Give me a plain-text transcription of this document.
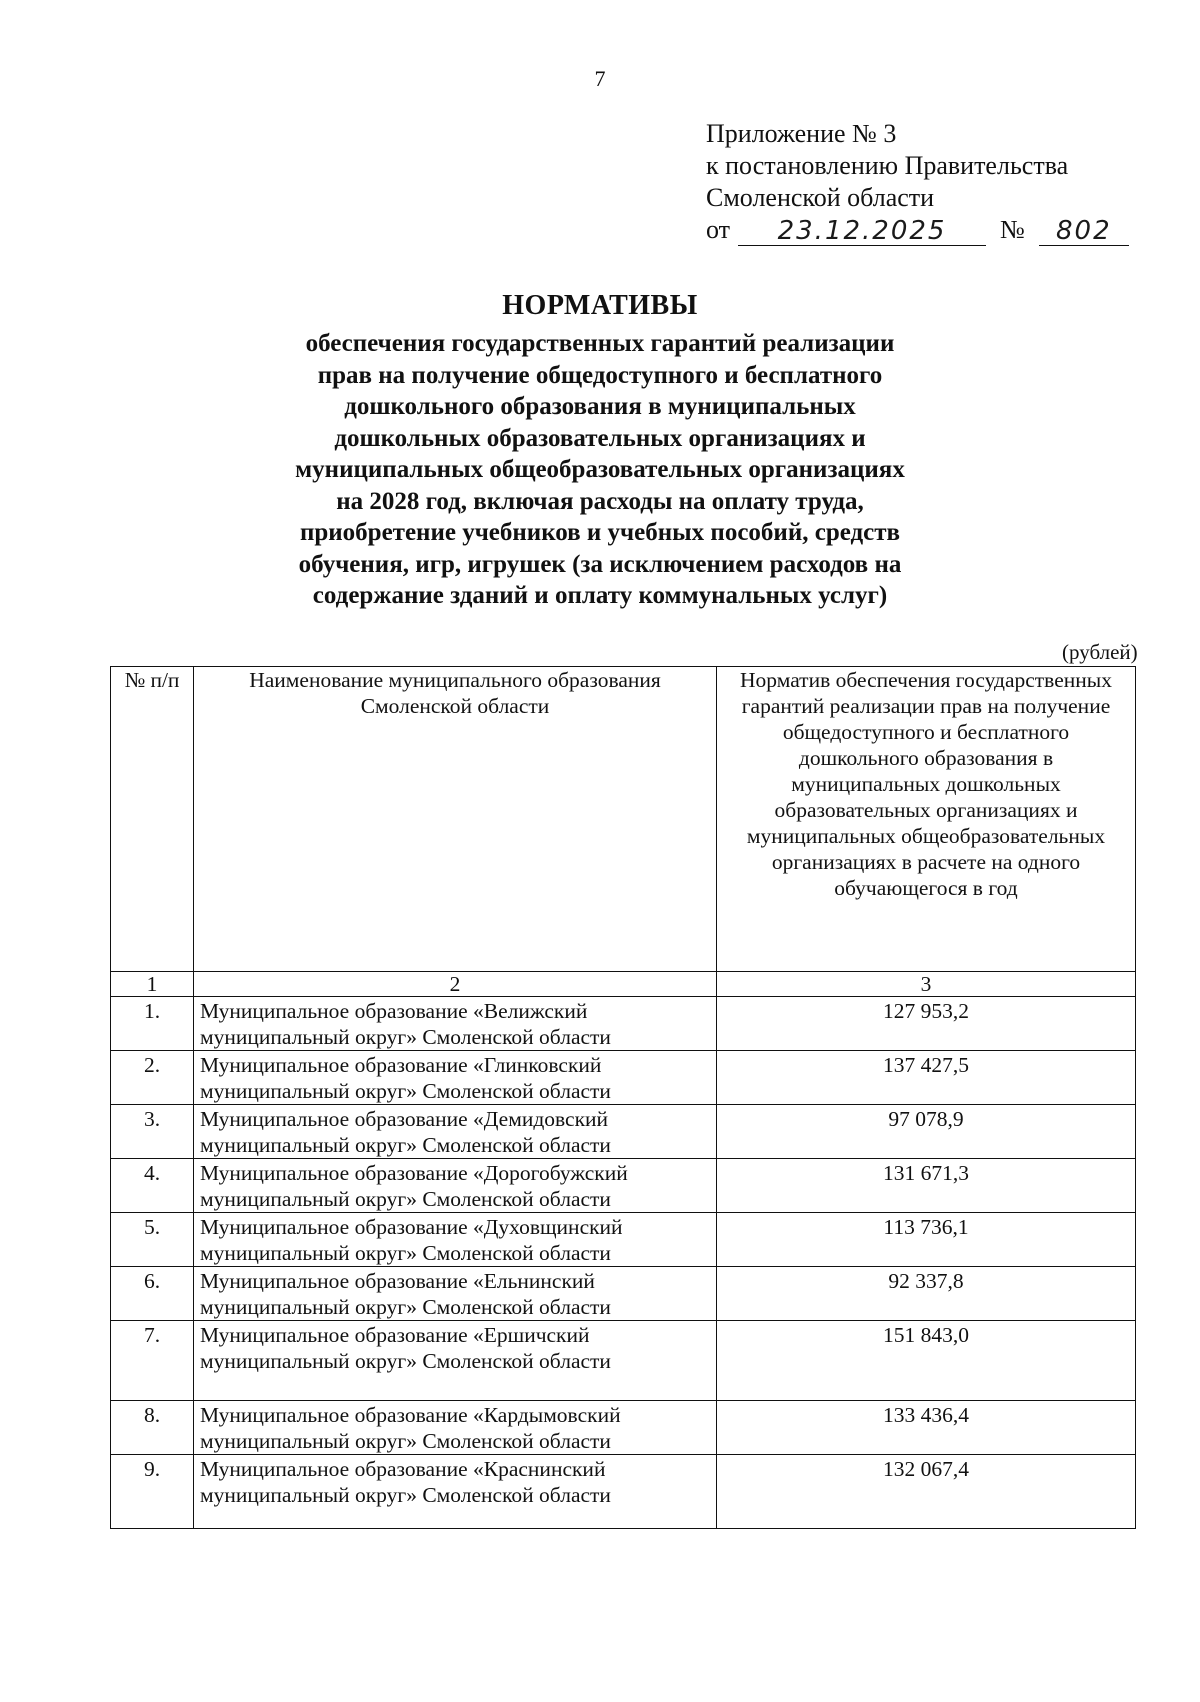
7
Приложение № 3
к постановлению Правительства
Смоленской области
от	23.12.2025	№	802
НОРМАТИВЫ
обеспечения государственных гарантий реализации
прав на получение общедоступного и бесплатного
дошкольного образования в муниципальных
дошкольных образовательных организациях и
муниципальных общеобразовательных организациях
на 2028 год, включая расходы на оплату труда,
приобретение учебников и учебных пособий, средств
обучения, игр, игрушек (за исключением расходов на
содержание зданий и оплату коммунальных услуг)
(рублей)
№ п/п	Наименование муниципального образования Смоленской области	Норматив обеспечения государственных гарантий реализации прав на получение общедоступного и бесплатного дошкольного образования в муниципальных дошкольных образовательных организациях и муниципальных общеобразовательных организациях в расчете на одного обучающегося в год
1	2	3
1.	Муниципальное образование «Велижский муниципальный округ» Смоленской области	127 953,2
2.	Муниципальное образование «Глинковский муниципальный округ» Смоленской области	137 427,5
3.	Муниципальное образование «Демидовский муниципальный округ» Смоленской области	97 078,9
4.	Муниципальное образование «Дорогобужский муниципальный округ» Смоленской области	131 671,3
5.	Муниципальное образование «Духовщинский муниципальный округ» Смоленской области	113 736,1
6.	Муниципальное образование «Ельнинский муниципальный округ» Смоленской области	92 337,8
7.	Муниципальное образование «Ершичский муниципальный округ» Смоленской области	151 843,0
8.	Муниципальное образование «Кардымовский муниципальный округ» Смоленской области	133 436,4
9.	Муниципальное образование «Краснинский муниципальный округ» Смоленской области	132 067,4
